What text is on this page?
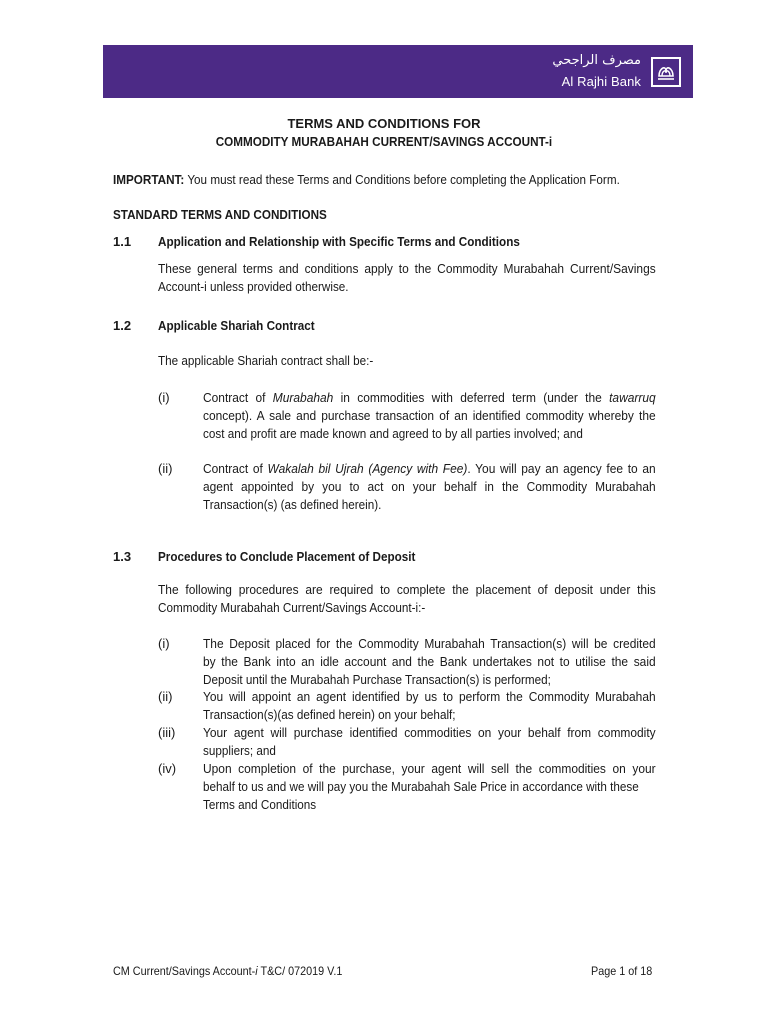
مصرف الراجحي
Al Rajhi Bank
TERMS AND CONDITIONS FOR
COMMODITY MURABAHAH CURRENT/SAVINGS ACCOUNT-i
IMPORTANT: You must read these Terms and Conditions before completing the Application Form.
STANDARD TERMS AND CONDITIONS
1.1 Application and Relationship with Specific Terms and Conditions
These general terms and conditions apply to the Commodity Murabahah Current/Savings
Account-i unless provided otherwise.
1.2 Applicable Shariah Contract
The applicable Shariah contract shall be:-
(i)	Contract of Murabahah in commodities with deferred term (under the tawarruq
concept). A sale and purchase transaction of an identified commodity whereby the
cost and profit are made known and agreed to by all parties involved; and
(ii) Contract of Wakalah bil Ujrah (Agency with Fee). You will pay an agency fee to an
agent appointed by you to act on your behalf in the Commodity Murabahah
Transaction(s) (as defined herein).
1.3 Procedures to Conclude Placement of Deposit
The following procedures are required to complete the placement of deposit under this
Commodity Murabahah Current/Savings Account-i:-
(i)	The Deposit placed for the Commodity Murabahah Transaction(s) will be credited
by the Bank into an idle account and the Bank undertakes not to utilise the said
Deposit until the Murabahah Purchase Transaction(s) is performed;
(ii) You will appoint an agent identified by us to perform the Commodity Murabahah
Transaction(s)(as defined herein) on your behalf;
(iii) Your agent will purchase identified commodities on your behalf from commodity
suppliers; and
(iv) Upon completion of the purchase, your agent will sell the commodities on your
behalf to us and we will pay you the Murabahah Sale Price in accordance with these
Terms and Conditions
CM Current/Savings Account-i T&C/ 072019 V.1	Page 1 of 18
